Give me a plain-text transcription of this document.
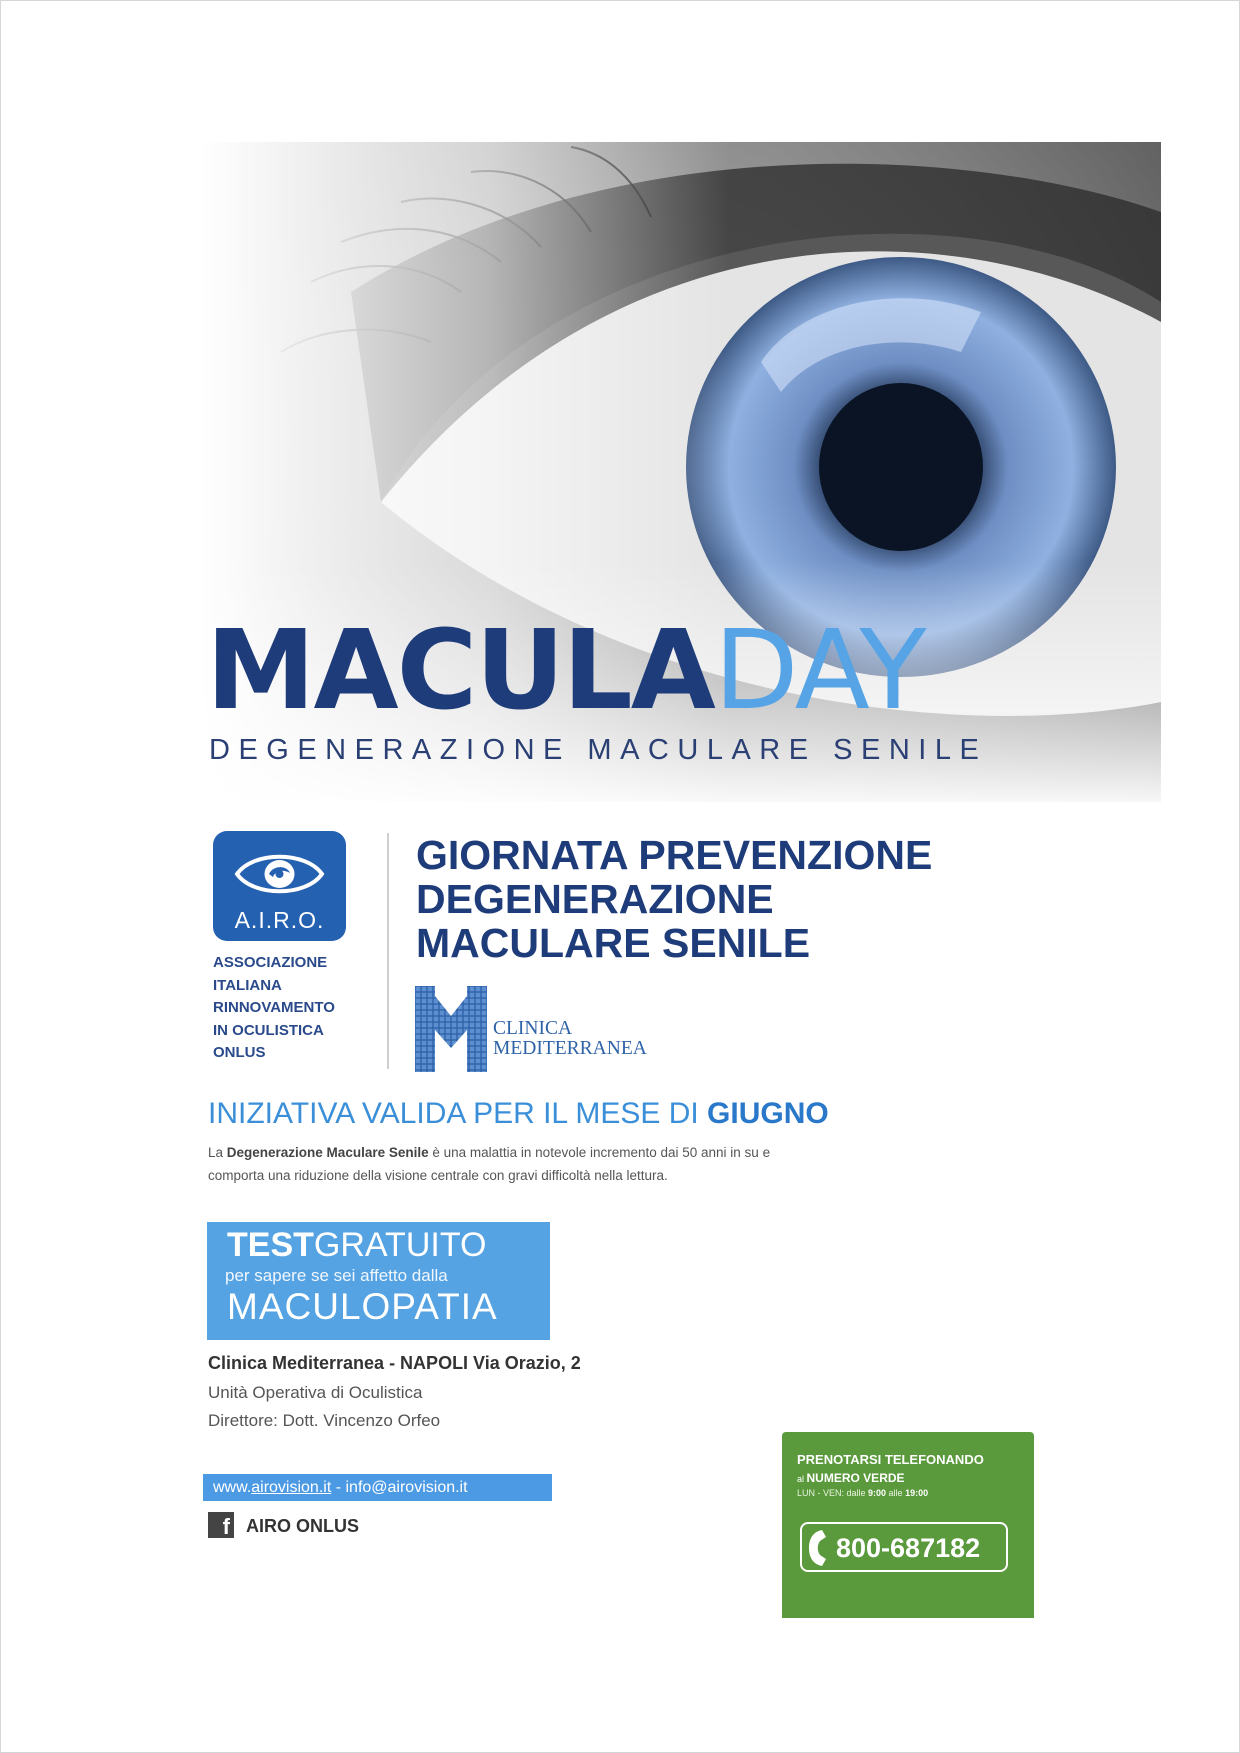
MACULADAY
DEGENERAZIONE MACULARE SENILE
A.I.R.O.
ASSOCIAZIONE
ITALIANA
RINNOVAMENTO
IN OCULISTICA
ONLUS
GIORNATA PREVENZIONE
DEGENERAZIONE
MACULARE SENILE
CLINICA
MEDITERRANEA
INIZIATIVA VALIDA PER IL MESE DI GIUGNO
La Degenerazione Maculare Senile è una malattia in notevole incremento dai 50 anni in su e
comporta una riduzione della visione centrale con gravi difficoltà nella lettura.
TESTGRATUITO
per sapere se sei affetto dalla
MACULOPATIA
Clinica Mediterranea - NAPOLI Via Orazio, 2
Unità Operativa di Oculistica
Direttore: Dott. Vincenzo Orfeo
www.airovision.it - info@airovision.it
f AIRO ONLUS
PRENOTARSI TELEFONANDO
al NUMERO VERDE
LUN - VEN: dalle 9:00 alle 19:00
800-687182
